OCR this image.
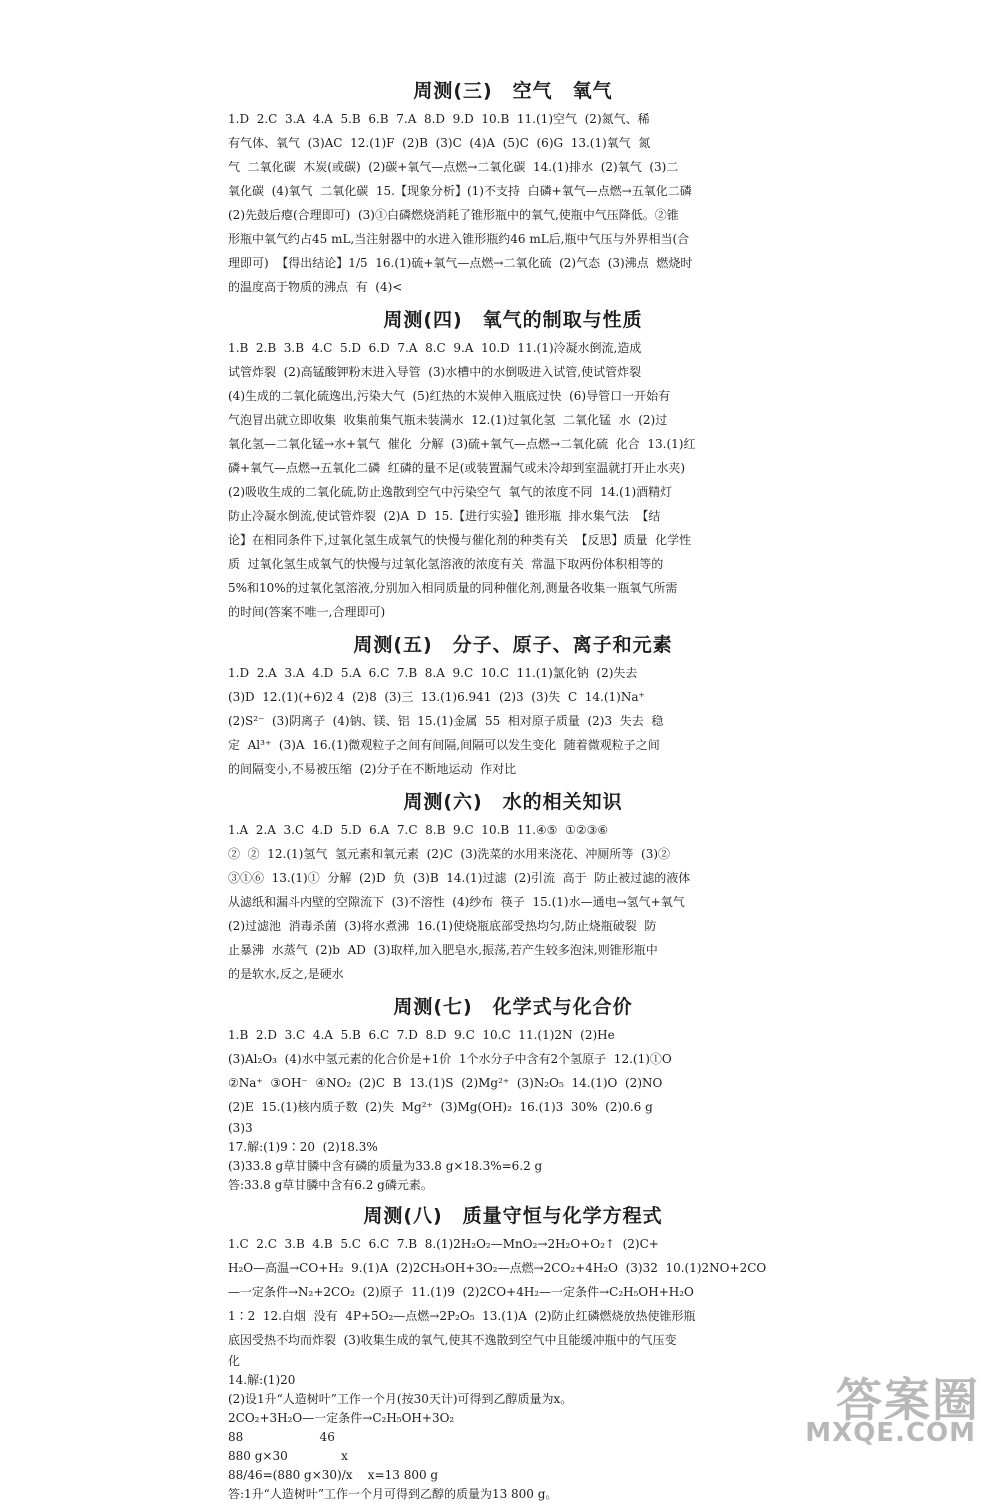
周测(三)　空气　氧气
1.D  2.C  3.A  4.A  5.B  6.B  7.A  8.D  9.D  10.B  11.(1)空气  (2)氮气、稀
有气体、氧气  (3)AC  12.(1)F  (2)B  (3)C  (4)A  (5)C  (6)G  13.(1)氧气  氮
气  二氧化碳  木炭(或碳)  (2)碳+氧气—点燃→二氧化碳  14.(1)排水  (2)氧气  (3)二
氧化碳  (4)氧气  二氧化碳  15.【现象分析】(1)不支持  白磷+氧气—点燃→五氧化二磷
(2)先鼓后瘪(合理即可)  (3)①白磷燃烧消耗了锥形瓶中的氧气,使瓶中气压降低。②锥
形瓶中氧气约占45 mL,当注射器中的水进入锥形瓶约46 mL后,瓶中气压与外界相当(合
理即可)  【得出结论】1/5  16.(1)硫+氧气—点燃→二氧化硫  (2)气态  (3)沸点  燃烧时
的温度高于物质的沸点  有  (4)<
周测(四)　氧气的制取与性质
1.B  2.B  3.B  4.C  5.D  6.D  7.A  8.C  9.A  10.D  11.(1)冷凝水倒流,造成
试管炸裂  (2)高锰酸钾粉末进入导管  (3)水槽中的水倒吸进入试管,使试管炸裂
(4)生成的二氧化硫逸出,污染大气  (5)红热的木炭伸入瓶底过快  (6)导管口一开始有
气泡冒出就立即收集  收集前集气瓶未装满水  12.(1)过氧化氢  二氧化锰  水  (2)过
氧化氢—二氧化锰→水+氧气  催化  分解  (3)硫+氧气—点燃→二氧化硫  化合  13.(1)红
磷+氧气—点燃→五氧化二磷  红磷的量不足(或装置漏气或未冷却到室温就打开止水夹)
(2)吸收生成的二氧化硫,防止逸散到空气中污染空气  氧气的浓度不同  14.(1)酒精灯
防止冷凝水倒流,使试管炸裂  (2)A  D  15.【进行实验】锥形瓶  排水集气法  【结
论】在相同条件下,过氧化氢生成氧气的快慢与催化剂的种类有关  【反思】质量  化学性
质  过氧化氢生成氧气的快慢与过氧化氢溶液的浓度有关  常温下取两份体积相等的
5%和10%的过氧化氢溶液,分别加入相同质量的同种催化剂,测量各收集一瓶氧气所需
的时间(答案不唯一,合理即可)
周测(五)　分子、原子、离子和元素
1.D  2.A  3.A  4.D  5.A  6.C  7.B  8.A  9.C  10.C  11.(1)氯化钠  (2)失去
(3)D  12.(1)(+6)2 4  (2)8  (3)三  13.(1)6.941  (2)3  (3)失  C  14.(1)Na⁺
(2)S²⁻  (3)阴离子  (4)钠、镁、铝  15.(1)金属  55  相对原子质量  (2)3  失去  稳
定  Al³⁺  (3)A  16.(1)微观粒子之间有间隔,间隔可以发生变化  随着微观粒子之间
的间隔变小,不易被压缩  (2)分子在不断地运动  作对比
周测(六)　水的相关知识
1.A  2.A  3.C  4.D  5.D  6.A  7.C  8.B  9.C  10.B  11.④⑤  ①②③⑥
②  ②  12.(1)氢气  氢元素和氧元素  (2)C  (3)洗菜的水用来浇花、冲厕所等  (3)②
③①⑥  13.(1)①  分解  (2)D  负  (3)B  14.(1)过滤  (2)引流  高于  防止被过滤的液体
从滤纸和漏斗内壁的空隙流下  (3)不溶性  (4)纱布  筷子  15.(1)水—通电→氢气+氧气
(2)过滤池  消毒杀菌  (3)将水煮沸  16.(1)使烧瓶底部受热均匀,防止烧瓶破裂  防
止暴沸  水蒸气  (2)b  AD  (3)取样,加入肥皂水,振荡,若产生较多泡沫,则锥形瓶中
的是软水,反之,是硬水
周测(七)　化学式与化合价
1.B  2.D  3.C  4.A  5.B  6.C  7.D  8.D  9.C  10.C  11.(1)2N  (2)He
(3)Al₂O₃  (4)水中氢元素的化合价是+1价  1个水分子中含有2个氢原子  12.(1)①O
②Na⁺  ③OH⁻  ④NO₂  (2)C  B  13.(1)S  (2)Mg²⁺  (3)N₂O₅  14.(1)O  (2)NO
(2)E  15.(1)核内质子数  (2)失  Mg²⁺  (3)Mg(OH)₂  16.(1)3  30%  (2)0.6 g
(3)3
17.解:(1)9∶20  (2)18.3%
(3)33.8 g草甘膦中含有磷的质量为33.8 g×18.3%=6.2 g
答:33.8 g草甘膦中含有6.2 g磷元素。
周测(八)　质量守恒与化学方程式
1.C  2.C  3.B  4.B  5.C  6.C  7.B  8.(1)2H₂O₂—MnO₂→2H₂O+O₂↑  (2)C+
H₂O—高温→CO+H₂  9.(1)A  (2)2CH₃OH+3O₂—点燃→2CO₂+4H₂O  (3)32  10.(1)2NO+2CO
—一定条件→N₂+2CO₂  (2)原子  11.(1)9  (2)2CO+4H₂—一定条件→C₂H₅OH+H₂O
1∶2  12.白烟  没有  4P+5O₂—点燃→2P₂O₅  13.(1)A  (2)防止红磷燃烧放热使锥形瓶
底因受热不均而炸裂  (3)收集生成的氧气,使其不逸散到空气中且能缓冲瓶中的气压变
化
14.解:(1)20
(2)设1升“人造树叶”工作一个月(按30天计)可得到乙醇质量为x。
2CO₂+3H₂O—一定条件→C₂H₅OH+3O₂
88                    46
880 g×30              x
88/46=(880 g×30)/x    x=13 800 g
答:1升“人造树叶”工作一个月可得到乙醇的质量为13 800 g。
答案圈
MXQE.COM
